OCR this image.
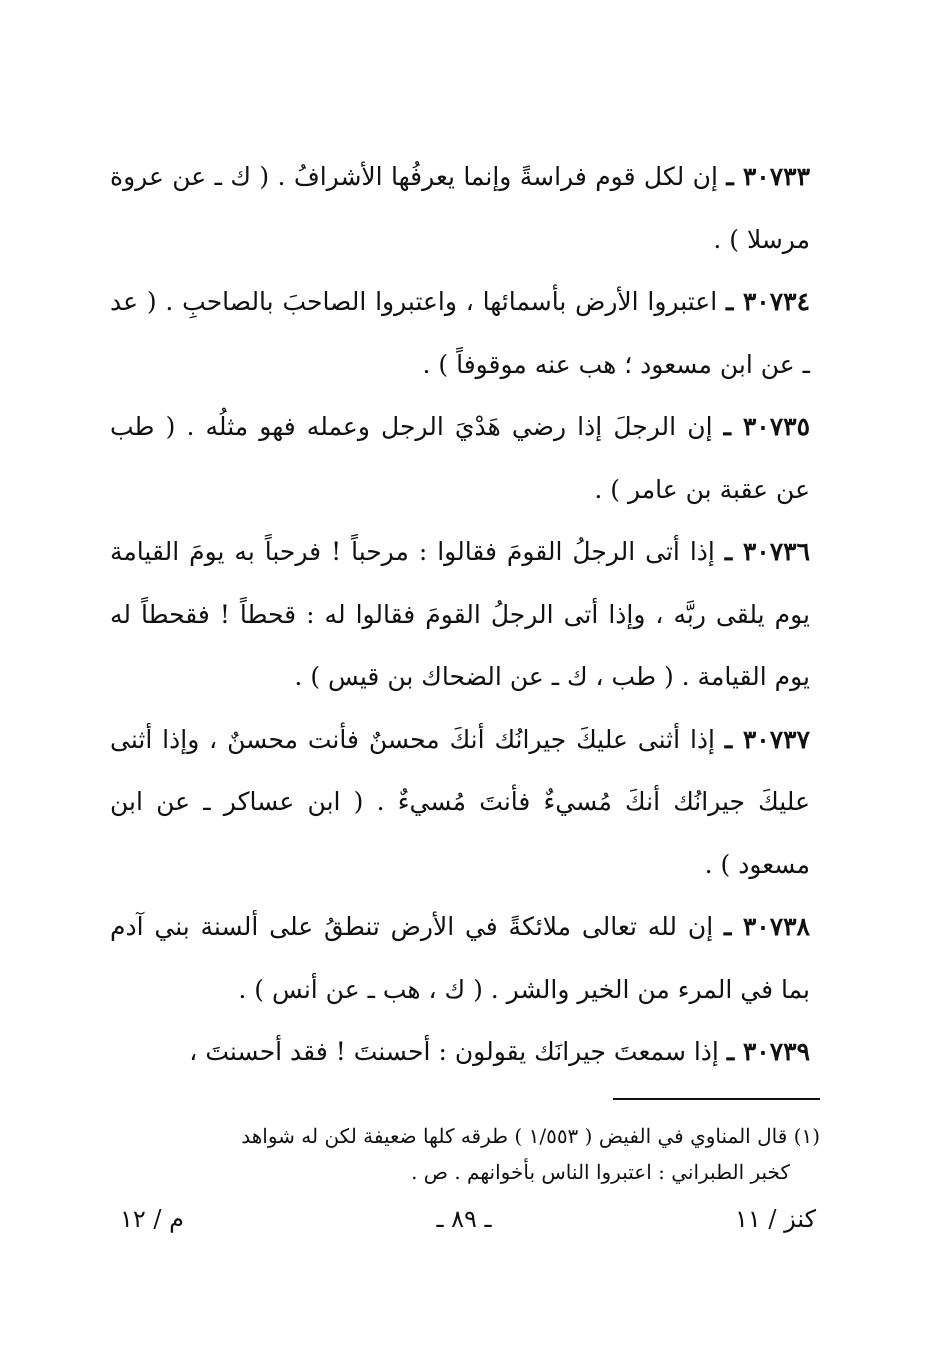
٣٠٧٣٣ ـ إن لكل قوم فراسةً وإنما يعرفُها الأشرافُ . ( ك ـ عن عروة مرسلا ) .

٣٠٧٣٤ ـ اعتبروا الأرض بأسمائها ، واعتبروا الصاحبَ بالصاحبِ . ( عد ـ عن ابن مسعود ؛ هب عنه موقوفاً ) .

٣٠٧٣٥ ـ إن الرجلَ إذا رضي هَدْيَ الرجل وعمله فهو مثلُه . ( طب عن عقبة بن عامر ) .

٣٠٧٣٦ ـ إذا أتى الرجلُ القومَ فقالوا : مرحباً ! فرحباً به يومَ القيامة يوم يلقى ربَّه ، وإذا أتى الرجلُ القومَ فقالوا له : قحطاً ! فقحطاً له يوم القيامة . ( طب ، ك ـ عن الضحاك بن قيس ) .

٣٠٧٣٧ ـ إذا أثنى عليكَ جيرانُك أنكَ محسنٌ فأنت محسنٌ ، وإذا أثنى عليكَ جيرانُك أنكَ مُسيءٌ فأنتَ مُسيءٌ . ( ابن عساكر ـ عن ابن مسعود ) .

٣٠٧٣٨ ـ إن لله تعالى ملائكةً في الأرض تنطقُ على ألسنة بني آدم بما في المرء من الخير والشر . ( ك ، هب ـ عن أنس ) .

٣٠٧٣٩ ـ إذا سمعتَ جيرانَك يقولون : أحسنتَ ! فقد أحسنتَ ،

(١) قال المناوي في الفيض ( ١/٥٥٣ ) طرقه كلها ضعيفة لكن له شواهد

كخبر الطبراني : اعتبروا الناس بأخوانهم . ص .

كنز / ١١
ـ ٨٩ ـ
م / ١٢
